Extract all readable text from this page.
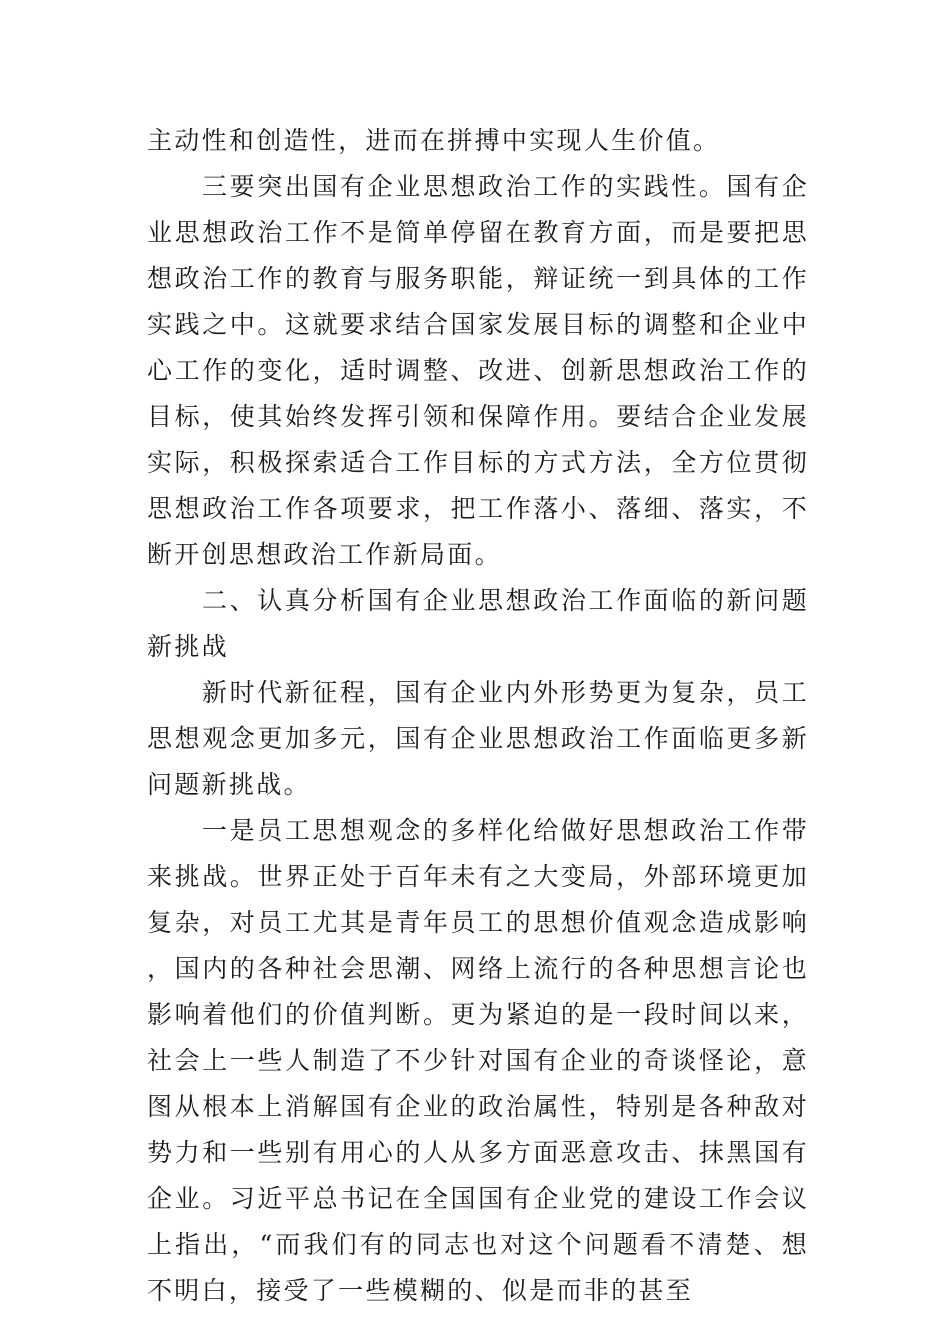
主动性和创造性，进而在拼搏中实现人生价值。

三要突出国有企业思想政治工作的实践性。国有企业思想政治工作不是简单停留在教育方面，而是要把思想政治工作的教育与服务职能，辩证统一到具体的工作实践之中。这就要求结合国家发展目标的调整和企业中心工作的变化，适时调整、改进、创新思想政治工作的目标，使其始终发挥引领和保障作用。要结合企业发展实际，积极探索适合工作目标的方式方法，全方位贯彻思想政治工作各项要求，把工作落小、落细、落实，不断开创思想政治工作新局面。

二、认真分析国有企业思想政治工作面临的新问题新挑战

新时代新征程，国有企业内外形势更为复杂，员工思想观念更加多元，国有企业思想政治工作面临更多新问题新挑战。

一是员工思想观念的多样化给做好思想政治工作带来挑战。世界正处于百年未有之大变局，外部环境更加复杂，对员工尤其是青年员工的思想价值观念造成影响，国内的各种社会思潮、网络上流行的各种思想言论也影响着他们的价值判断。更为紧迫的是一段时间以来，社会上一些人制造了不少针对国有企业的奇谈怪论，意图从根本上消解国有企业的政治属性，特别是各种敌对势力和一些别有用心的人从多方面恶意攻击、抹黑国有企业。习近平总书记在全国国有企业党的建设工作会议上指出，“而我们有的同志也对这个问题看不清楚、想不明白，接受了一些模糊的、似是而非的甚至
